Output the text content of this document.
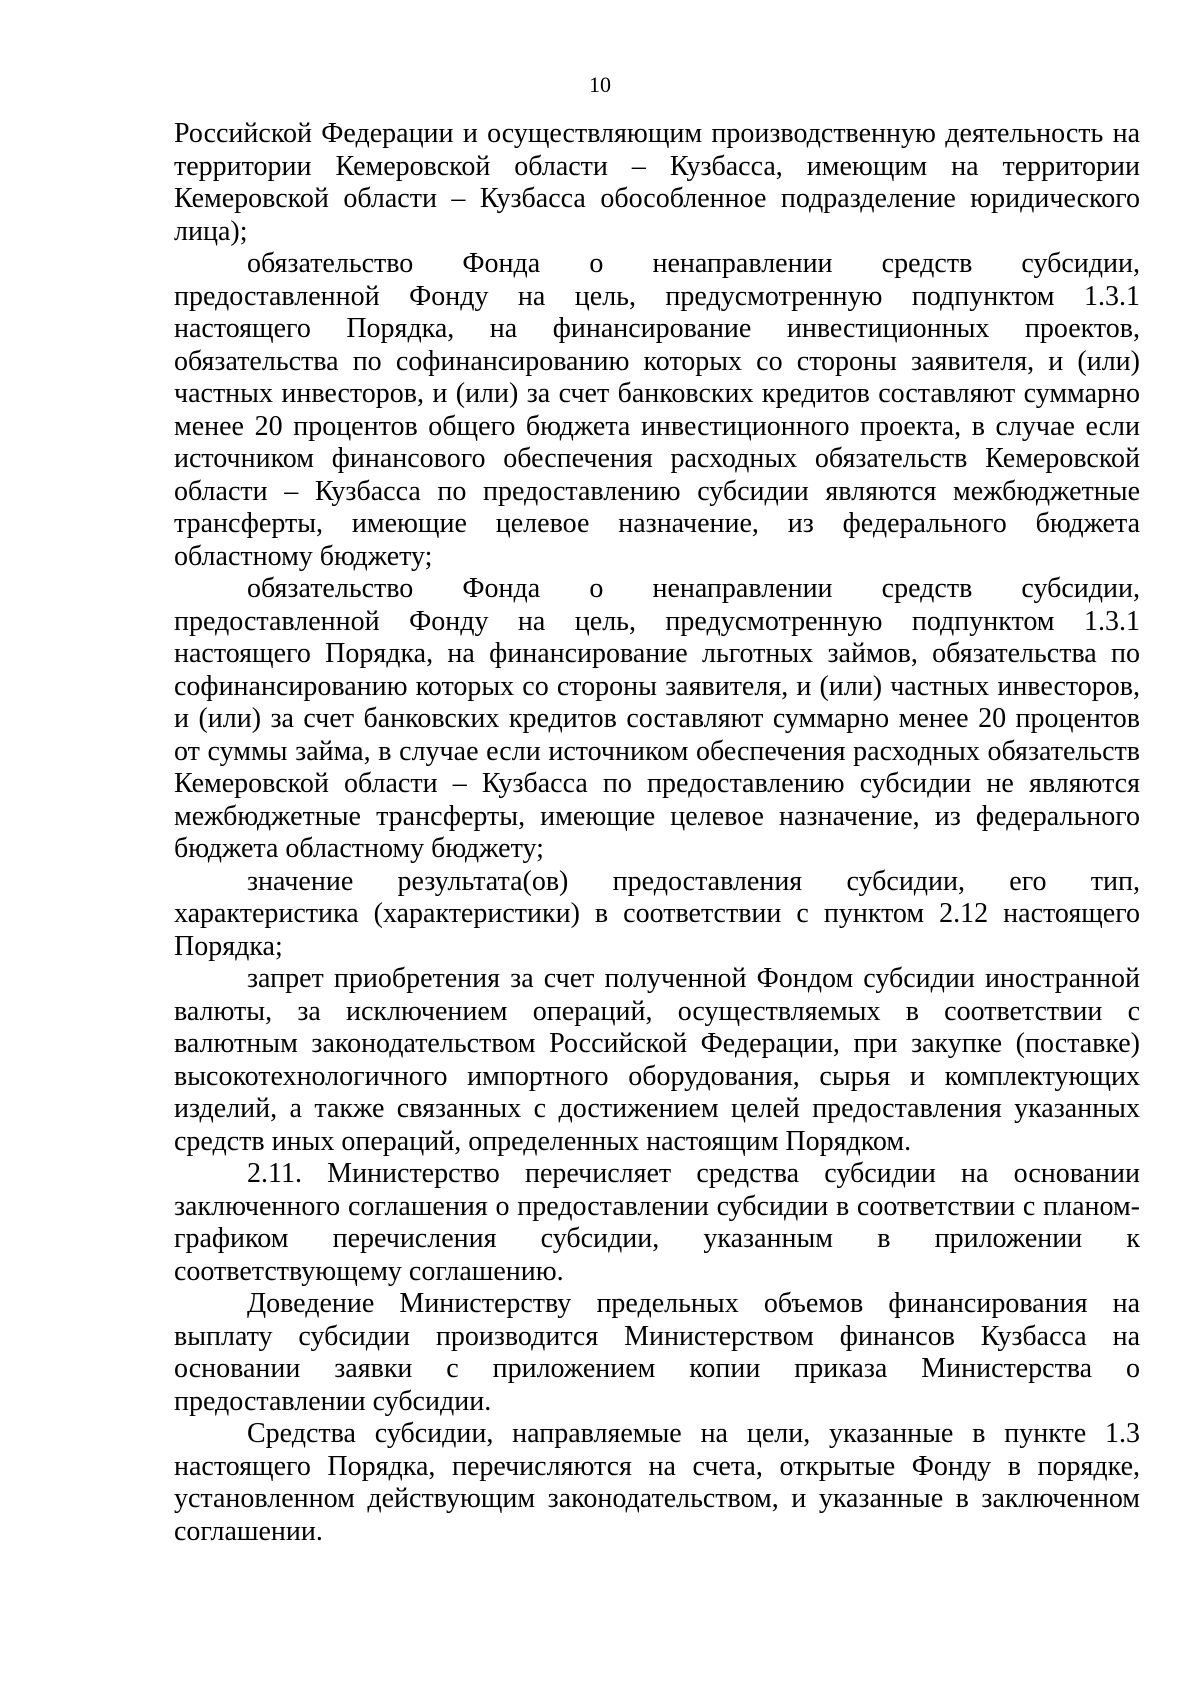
10

Российской Федерации и осуществляющим производственную деятельность на территории Кемеровской области – Кузбасса, имеющим на территории Кемеровской области – Кузбасса обособленное подразделение юридического лица);

обязательство Фонда о ненаправлении средств субсидии, предоставленной Фонду на цель, предусмотренную подпунктом 1.3.1 настоящего Порядка, на финансирование инвестиционных проектов, обязательства по софинансированию которых со стороны заявителя, и (или) частных инвесторов, и (или) за счет банковских кредитов составляют суммарно менее 20 процентов общего бюджета инвестиционного проекта, в случае если источником финансового обеспечения расходных обязательств Кемеровской области – Кузбасса по предоставлению субсидии являются межбюджетные трансферты, имеющие целевое назначение, из федерального бюджета областному бюджету;

обязательство Фонда о ненаправлении средств субсидии, предоставленной Фонду на цель, предусмотренную подпунктом 1.3.1 настоящего Порядка, на финансирование льготных займов, обязательства по софинансированию которых со стороны заявителя, и (или) частных инвесторов, и (или) за счет банковских кредитов составляют суммарно менее 20 процентов от суммы займа, в случае если источником обеспечения расходных обязательств Кемеровской области – Кузбасса по предоставлению субсидии не являются межбюджетные трансферты, имеющие целевое назначение, из федерального бюджета областному бюджету;

значение результата(ов) предоставления субсидии, его тип, характеристика (характеристики) в соответствии с пунктом 2.12 настоящего Порядка;

запрет приобретения за счет полученной Фондом субсидии иностранной валюты, за исключением операций, осуществляемых в соответствии с валютным законодательством Российской Федерации, при закупке (поставке) высокотехнологичного импортного оборудования, сырья и комплектующих изделий, а также связанных с достижением целей предоставления указанных средств иных операций, определенных настоящим Порядком.

2.11. Министерство перечисляет средства субсидии на основании заключенного соглашения о предоставлении субсидии в соответствии с планом-графиком перечисления субсидии, указанным в приложении к соответствующему соглашению.

Доведение Министерству предельных объемов финансирования на выплату субсидии производится Министерством финансов Кузбасса на основании заявки с приложением копии приказа Министерства о предоставлении субсидии.

Средства субсидии, направляемые на цели, указанные в пункте 1.3 настоящего Порядка, перечисляются на счета, открытые Фонду в порядке, установленном действующим законодательством, и указанные в заключенном соглашении.
